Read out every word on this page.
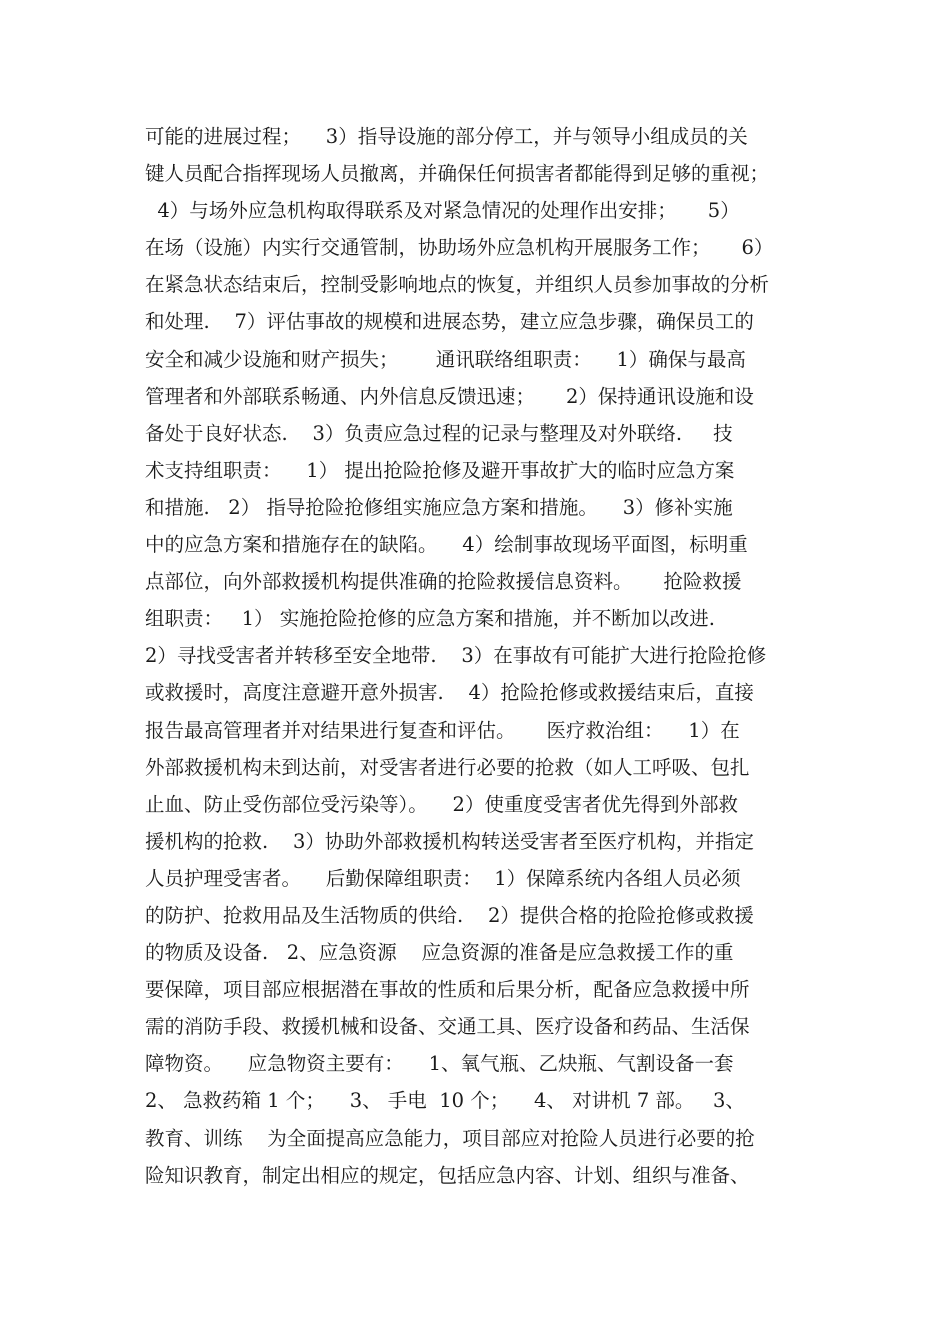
可能的进展过程；    3）指导设施的部分停工，并与领导小组成员的关
键人员配合指挥现场人员撤离，并确保任何损害者都能得到足够的重视；
4）与场外应急机构取得联系及对紧急情况的处理作出安排；     5）
在场（设施）内实行交通管制，协助场外应急机构开展服务工作；     6）
在紧急状态结束后，控制受影响地点的恢复，并组织人员参加事故的分析
和处理.    7）评估事故的规模和进展态势，建立应急步骤，确保员工的
安全和减少设施和财产损失；      通讯联络组职责：    1）确保与最高
管理者和外部联系畅通、内外信息反馈迅速；     2）保持通讯设施和设
备处于良好状态.    3）负责应急过程的记录与整理及对外联络.     技
术支持组职责：    1） 提出抢险抢修及避开事故扩大的临时应急方案
和措施.   2） 指导抢险抢修组实施应急方案和措施。    3）修补实施
中的应急方案和措施存在的缺陷。    4）绘制事故现场平面图，标明重
点部位，向外部救援机构提供准确的抢险救援信息资料。     抢险救援
组职责：   1） 实施抢险抢修的应急方案和措施，并不断加以改进.
2）寻找受害者并转移至安全地带.    3）在事故有可能扩大进行抢险抢修
或救援时，高度注意避开意外损害.    4）抢险抢修或救援结束后，直接
报告最高管理者并对结果进行复查和评估。     医疗救治组：    1）在
外部救援机构未到达前，对受害者进行必要的抢救（如人工呼吸、包扎
止血、防止受伤部位受污染等）。    2）使重度受害者优先得到外部救
援机构的抢救.    3）协助外部救援机构转送受害者至医疗机构，并指定
人员护理受害者。    后勤保障组职责：  1）保障系统内各组人员必须
的防护、抢救用品及生活物质的供给.    2）提供合格的抢险抢修或救援
的物质及设备.   2、应急资源    应急资源的准备是应急救援工作的重
要保障，项目部应根据潜在事故的性质和后果分析，配备应急救援中所
需的消防手段、救援机械和设备、交通工具、医疗设备和药品、生活保
障物资。    应急物资主要有：    1、氧气瓶、乙炔瓶、气割设备一套
2、 急救药箱 1 个；    3、 手电  10 个；    4、 对讲机 7 部。   3、
教育、训练    为全面提高应急能力，项目部应对抢险人员进行必要的抢
险知识教育，制定出相应的规定，包括应急内容、计划、组织与准备、
